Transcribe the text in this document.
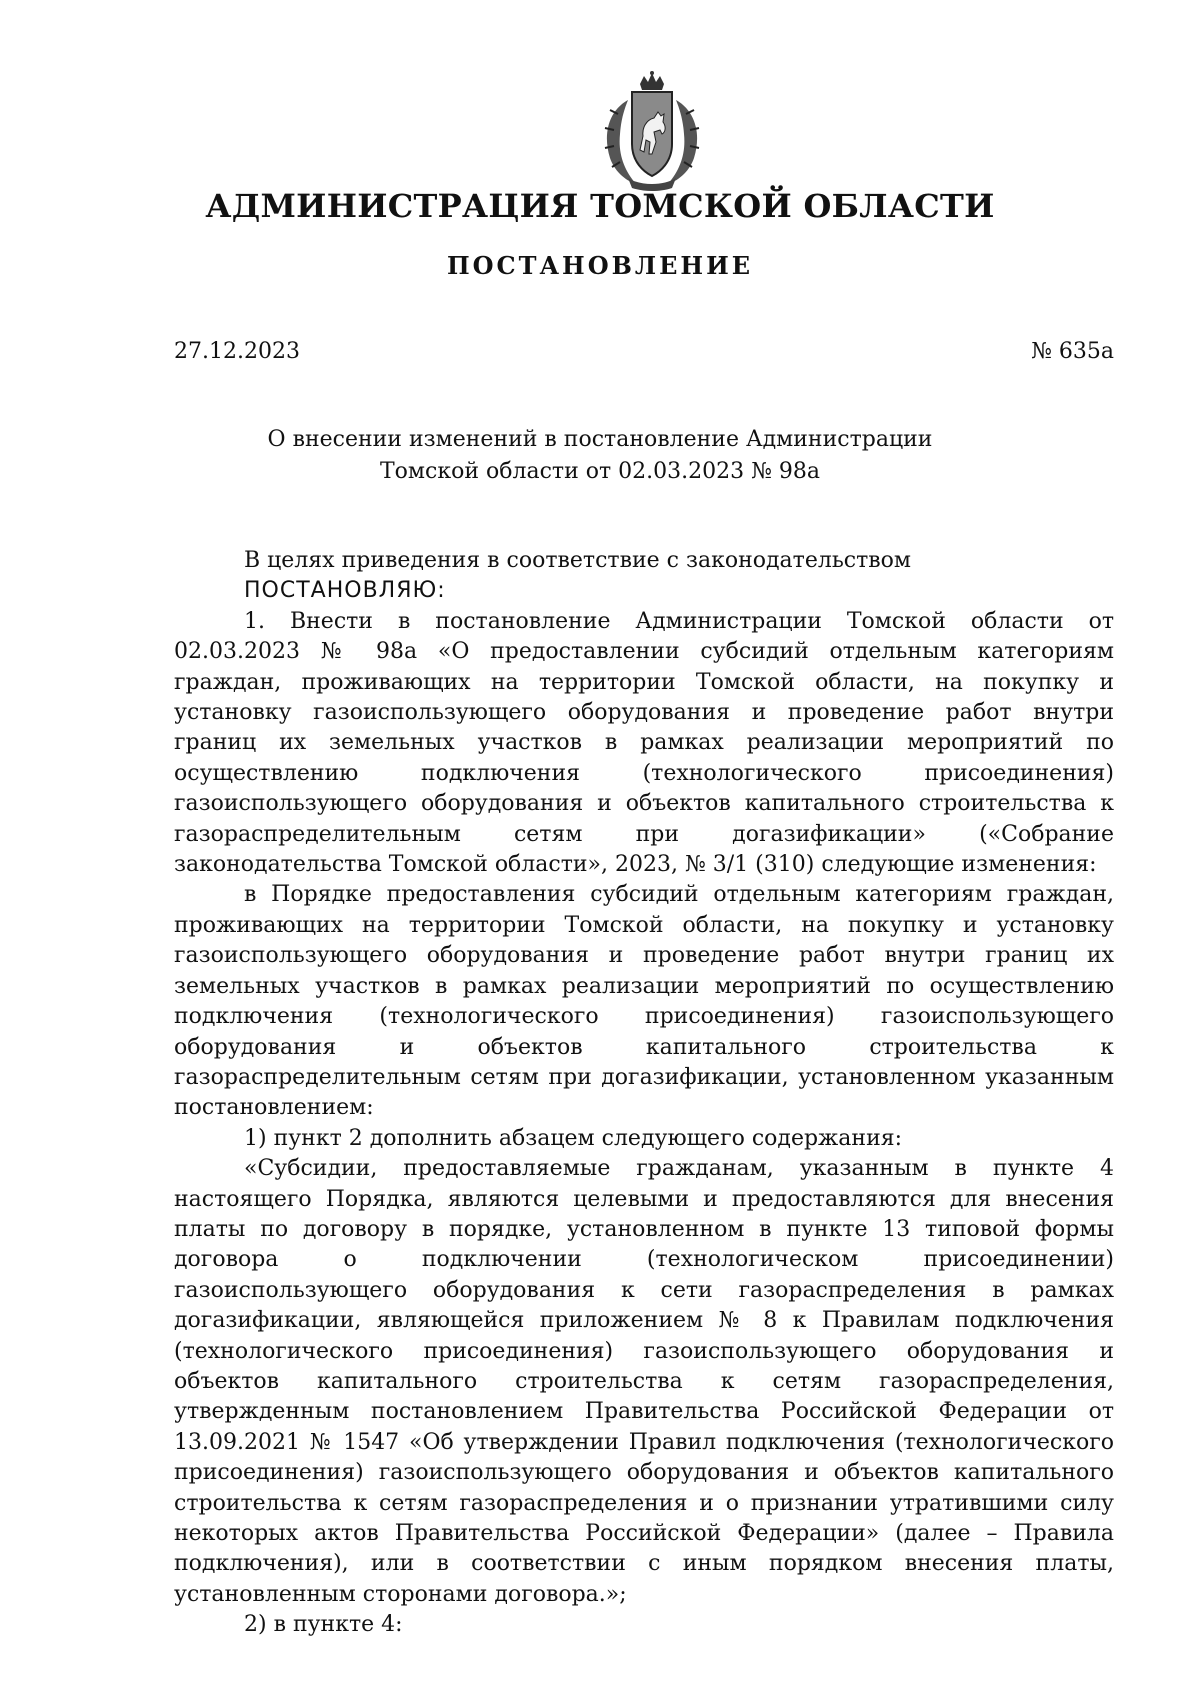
АДМИНИСТРАЦИЯ ТОМСКОЙ ОБЛАСТИ
ПОСТАНОВЛЕНИЕ
27.12.2023	№ 635а
О внесении изменений в постановление Администрации
Томской области от 02.03.2023 № 98а

В целях приведения в соответствие с законодательством

ПОСТАНОВЛЯЮ:

1. Внести в постановление Администрации Томской области от 02.03.2023 № 98а «О предоставлении субсидий отдельным категориям граждан, проживающих на территории Томской области, на покупку и установку газоиспользующего оборудования и проведение работ внутри границ их земельных участков в рамках реализации мероприятий по осуществлению подключения (технологического присоединения) газоиспользующего оборудования и объектов капитального строительства к газораспределительным сетям при догазификации» («Собрание законодательства Томской области», 2023, № 3/1 (310) следующие изменения:

в Порядке предоставления субсидий отдельным категориям граждан, проживающих на территории Томской области, на покупку и установку газоиспользующего оборудования и проведение работ внутри границ их земельных участков в рамках реализации мероприятий по осуществлению подключения (технологического присоединения) газоиспользующего оборудования и объектов капитального строительства к газораспределительным сетям при догазификации, установленном указанным постановлением:

1) пункт 2 дополнить абзацем следующего содержания:

«Субсидии, предоставляемые гражданам, указанным в пункте 4 настоящего Порядка, являются целевыми и предоставляются для внесения платы по договору в порядке, установленном в пункте 13 типовой формы договора о подключении (технологическом присоединении) газоиспользующего оборудования к сети газораспределения в рамках догазификации, являющейся приложением № 8 к Правилам подключения (технологического присоединения) газоиспользующего оборудования и объектов капитального строительства к сетям газораспределения, утвержденным постановлением Правительства Российской Федерации от 13.09.2021 № 1547 «Об утверждении Правил подключения (технологического присоединения) газоиспользующего оборудования и объектов капитального строительства к сетям газораспределения и о признании утратившими силу некоторых актов Правительства Российской Федерации» (далее – Правила подключения), или в соответствии с иным порядком внесения платы, установленным сторонами договора.»;

2) в пункте 4:
